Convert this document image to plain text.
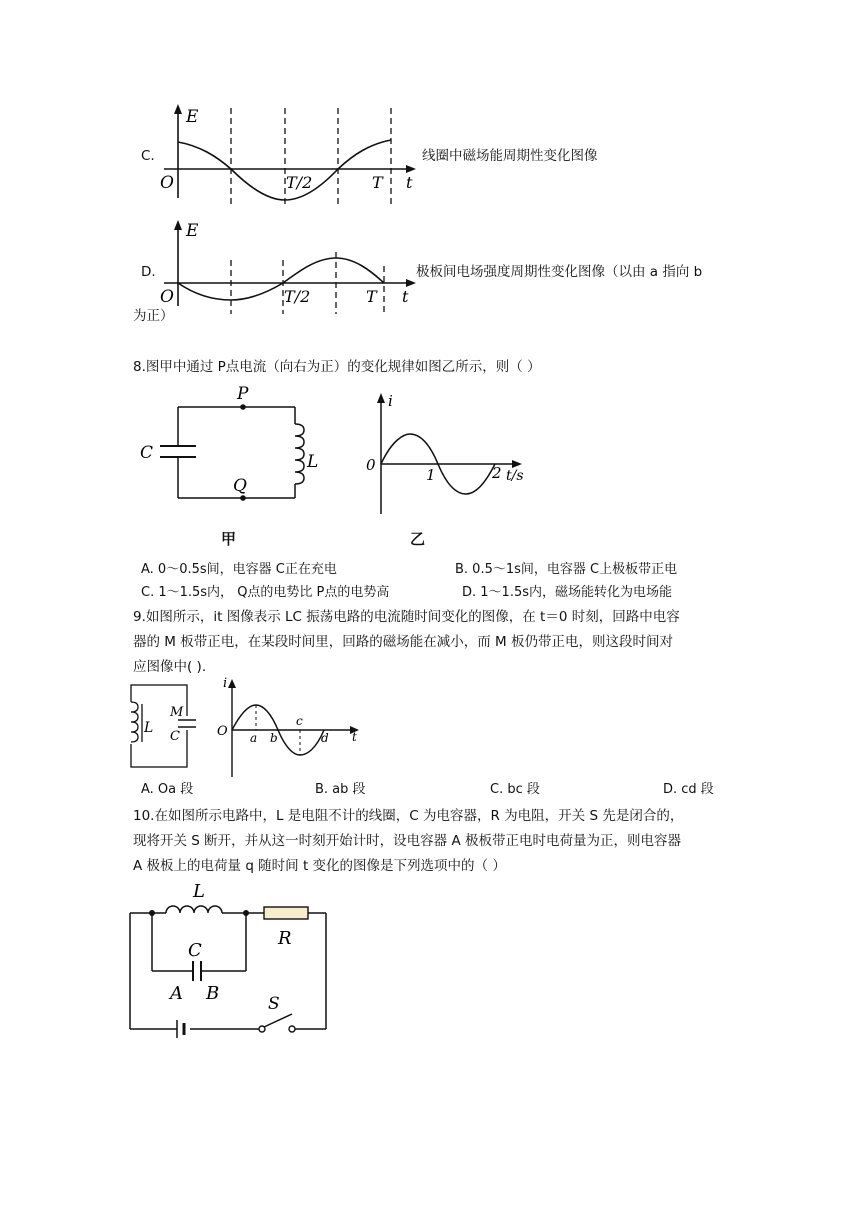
C.
E
O	T/2	T t
线圈中磁场能周期性变化图像
D.
E
O	T/2	T t
极板间电场强度周期性变化图像（以由 a 指向 b
为正）
8.图甲中通过 P点电流（向右为正）的变化规律如图乙所示，则（ ）
P
Q
C	L
甲
i
0
1	2 t/s
乙
A. 0～0.5s间，电容器 C正在充电	B. 0.5～1s间，电容器 C上极板带正电
C. 1～1.5s内， Q点的电势比 P点的电势高	D. 1～1.5s内，磁场能转化为电场能
9.如图所示，it 图像表示 LC 振荡电路的电流随时间变化的图像，在 t＝0 时刻，回路中电容
器的 M 板带正电，在某段时间里，回路的磁场能在减小，而 M 板仍带正电，则这段时间对
应图像中( ).
L
M
C
i
O a b
c
d t
A. Oa 段	B. ab 段	C. bc 段	D. cd 段
10.在如图所示电路中，L 是电阻不计的线圈，C 为电容器，R 为电阻，开关 S 先是闭合的，
现将开关 S 断开，并从这一时刻开始计时，设电容器 A 极板带正电时电荷量为正，则电容器
A 极板上的电荷量 q 随时间 t 变化的图像是下列选项中的（ ）
L
R
C
A B	S
